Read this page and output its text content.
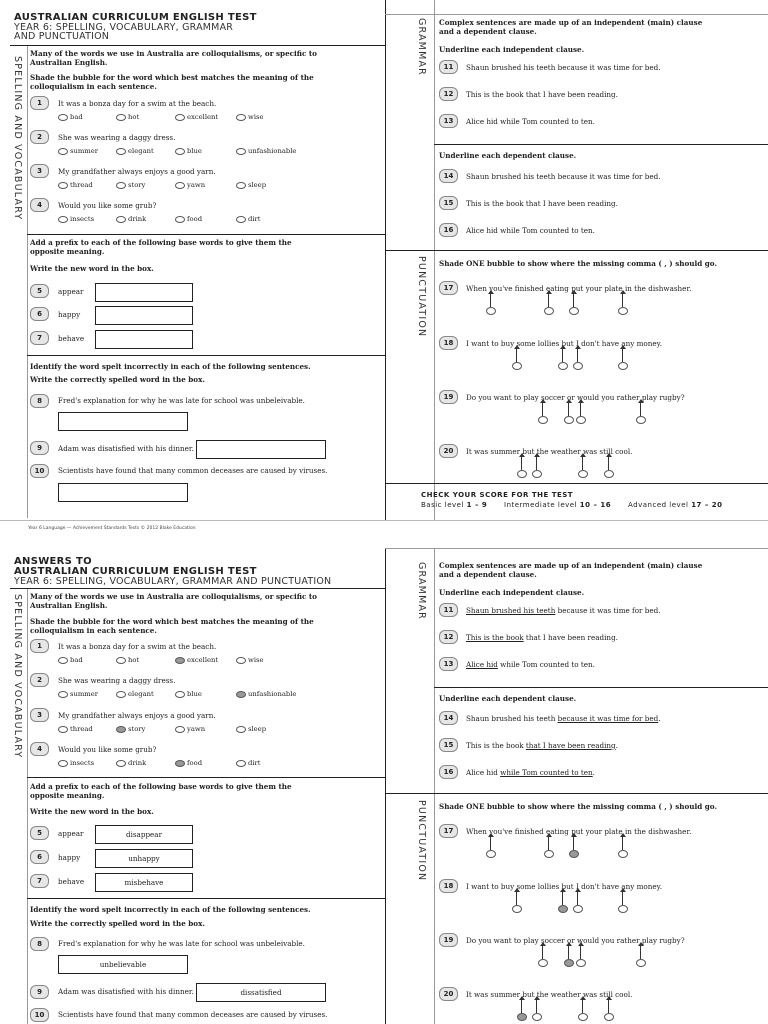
AUSTRALIAN CURRICULUM ENGLISH TEST
YEAR 6: SPELLING, VOCABULARY, GRAMMAR
AND PUNCTUATION
SPELLING AND VOCABULARY
GRAMMAR
PUNCTUATION
Many of the words we use in Australia are colloquialisms, or specific to Australian English.
Shade the bubble for the word which best matches the meaning of the colloquialism in each sentence.
1	It was a bonza day for a swim at the beach.
bad	hot	excellent	wise
2	She was wearing a daggy dress.
summer	elegant	blue	unfashionable
3	My grandfather always enjoys a good yarn.
thread	story	yawn	sleep
4	Would you like some grub?
insects	drink	food	dirt
Add a prefix to each of the following base words to give them the opposite meaning.
Write the new word in the box.
5	appear
6	happy
7	behave
Identify the word spelt incorrectly in each of the following sentences.
Write the correctly spelled word in the box.
8	Fred's explanation for why he was late for school was unbeleivable.
9	Adam was disatisfied with his dinner.
10	Scientists have found that many common deceases are caused by viruses.
Complex sentences are made up of an independent (main) clause
and a dependent clause.
Underline each independent clause.
11	Shaun brushed his teeth because it was time for bed.
12	This is the book that I have been reading.
13	Alice hid while Tom counted to ten.
Underline each dependent clause.
14	Shaun brushed his teeth because it was time for bed.
15	This is the book that I have been reading.
16	Alice hid while Tom counted to ten.
Shade ONE bubble to show where the missing comma ( , ) should go.
17	When you've finished eating put your plate in the dishwasher.
18	I want to buy some lollies but I don't have any money.
19	Do you want to play soccer or would you rather play rugby?
20	It was summer but the weather was still cool.
CHECK YOUR SCORE FOR THE TEST
Basic level 1 – 9 Intermediate level 10 – 16 Advanced level 17 – 20
Year 6 Language — Achievement Standards Tests © 2012 Blake Education
ANSWERS TO
AUSTRALIAN CURRICULUM ENGLISH TEST
YEAR 6: SPELLING, VOCABULARY, GRAMMAR AND PUNCTUATION
SPELLING AND VOCABULARY
GRAMMAR
PUNCTUATION
Many of the words we use in Australia are colloquialisms, or specific to Australian English.
Shade the bubble for the word which best matches the meaning of the colloquialism in each sentence.
1	It was a bonza day for a swim at the beach.
bad	hot	excellent	wise
2	She was wearing a daggy dress.
summer	elegant	blue	unfashionable
3	My grandfather always enjoys a good yarn.
thread	story	yawn	sleep
4	Would you like some grub?
insects	drink	food	dirt
Add a prefix to each of the following base words to give them the opposite meaning.
Write the new word in the box.
5	appear	disappear
6	happy	unhappy
7	behave	misbehave
Identify the word spelt incorrectly in each of the following sentences.
Write the correctly spelled word in the box.
8	Fred's explanation for why he was late for school was unbeleivable.
unbelievable
9	Adam was disatisfied with his dinner.	dissatisfied
10	Scientists have found that many common deceases are caused by viruses.
Complex sentences are made up of an independent (main) clause
and a dependent clause.
Underline each independent clause.
11	Shaun brushed his teeth because it was time for bed.
12	This is the book that I have been reading.
13	Alice hid while Tom counted to ten.
Underline each dependent clause.
14	Shaun brushed his teeth because it was time for bed.
15	This is the book that I have been reading.
16	Alice hid while Tom counted to ten.
Shade ONE bubble to show where the missing comma ( , ) should go.
17	When you've finished eating put your plate in the dishwasher.
18	I want to buy some lollies but I don't have any money.
19	Do you want to play soccer or would you rather play rugby?
20	It was summer but the weather was still cool.
